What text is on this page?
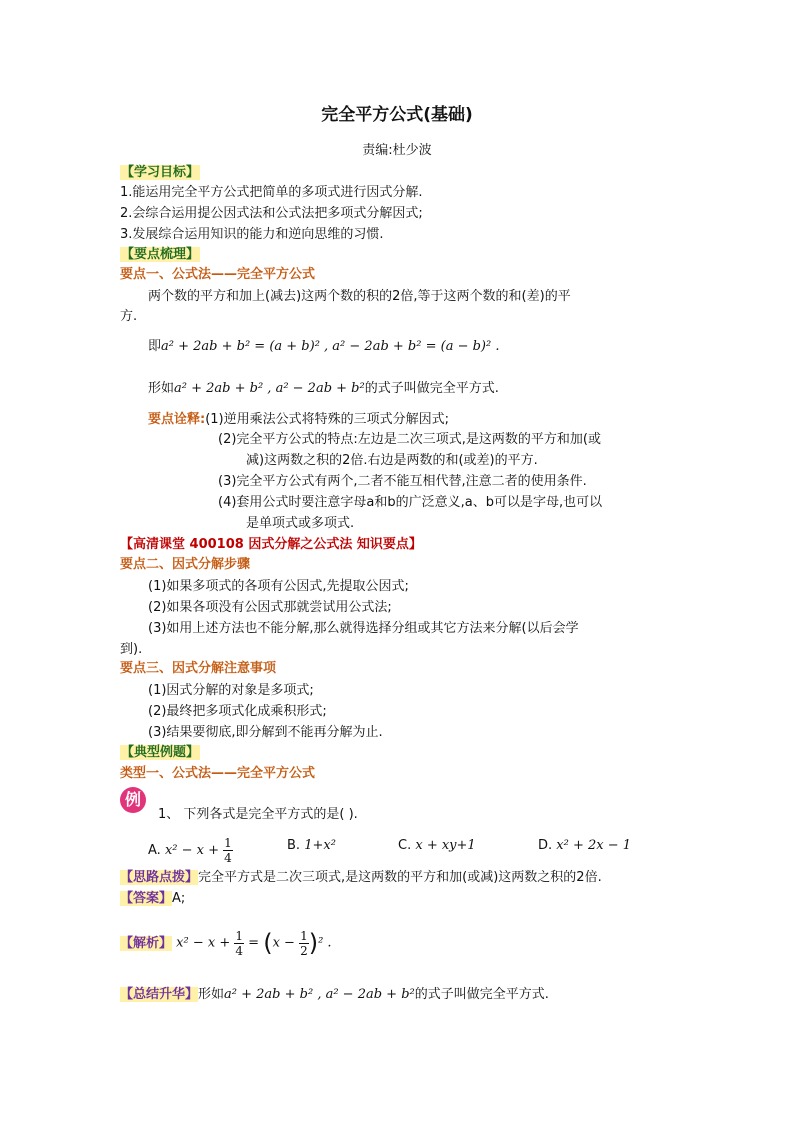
完全平方公式(基础)
责编:杜少波
【学习目标】
1.能运用完全平方公式把简单的多项式进行因式分解.
2.会综合运用提公因式法和公式法把多项式分解因式;
3.发展综合运用知识的能力和逆向思维的习惯.
【要点梳理】
要点一、公式法——完全平方公式
两个数的平方和加上(减去)这两个数的积的2倍,等于这两个数的和(差)的平
方.
即a² + 2ab + b² = (a + b)² , a² − 2ab + b² = (a − b)² .
形如a² + 2ab + b² , a² − 2ab + b²的式子叫做完全平方式.
要点诠释:(1)逆用乘法公式将特殊的三项式分解因式;
(2)完全平方公式的特点:左边是二次三项式,是这两数的平方和加(或
减)这两数之积的2倍.右边是两数的和(或差)的平方.
(3)完全平方公式有两个,二者不能互相代替,注意二者的使用条件.
(4)套用公式时要注意字母a和b的广泛意义,a、b可以是字母,也可以
是单项式或多项式.
【高清课堂 400108 因式分解之公式法 知识要点】
要点二、因式分解步骤
(1)如果多项式的各项有公因式,先提取公因式;
(2)如果各项没有公因式那就尝试用公式法;
(3)如用上述方法也不能分解,那么就得选择分组或其它方法来分解(以后会学
到).
要点三、因式分解注意事项
(1)因式分解的对象是多项式;
(2)最终把多项式化成乘积形式;
(3)结果要彻底,即分解到不能再分解为止.
【典型例题】
类型一、公式法——完全平方公式
例
1、 下列各式是完全平方式的是( ).
A. $x^2 - x + \frac{1}{4}$	B. 1+x²	C. x + xy+1	D. x² + 2x − 1
【思路点拨】完全平方式是二次三项式,是这两数的平方和加(或减)这两数之积的2倍.
【答案】A;
【解析】 $x^2 - x + \frac{1}{4} = (x - \frac{1}{2} )^2$ .
【总结升华】形如a² + 2ab + b² , a² − 2ab + b²的式子叫做完全平方式.
